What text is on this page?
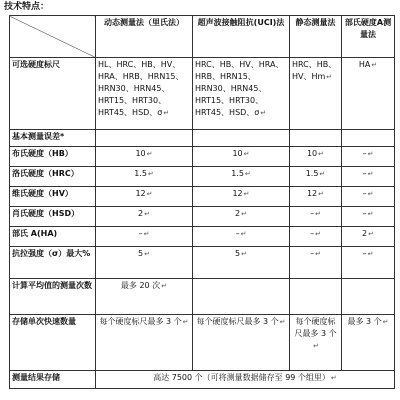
技术特点：
	动态测量法（里氏法）	超声波接触阻抗(UCI)法	静态测量法	部氏硬度A测量法
可选硬度标尺	HL、HRC、HB、HV、HRA、HRB、HRN15、HRN30、HRN45、HRT15、HRT30、HRT45、HSD、σ↵	HRC、HB、HV、HRA、HRB、HRN15、HRN30、HRN45、HRT15、HRT30、HRT45、HSD、σ↵	HRC、HB、HV、Hm↵	HA↵
基本测量误差*				
布氏硬度（HB）	10↵	10↵	10↵	–↵
洛氏硬度（HRC）	1.5↵	1.5↵	1.5↵	–↵
维氏硬度（HV）	12↵	12↵	12↵	–↵
肖氏硬度（HSD）	2↵	2↵	–↵	–↵
部氏 A(HA)	–↵	–↵	–↵	2↵
抗拉强度（σ）最大%	5↵	5↵	–↵	–↵
计算平均值的测量次数	最多 20 次↵			
存储单次快速数量	每个硬度标尺最多 3 个↵	每个硬度标尺最多 3 个↵	每个硬度标尺最多 3 个↵	最多 3 个↵
测量结果存储	高达 7500 个（可将测量数据储存至 99 个组里）↵			
